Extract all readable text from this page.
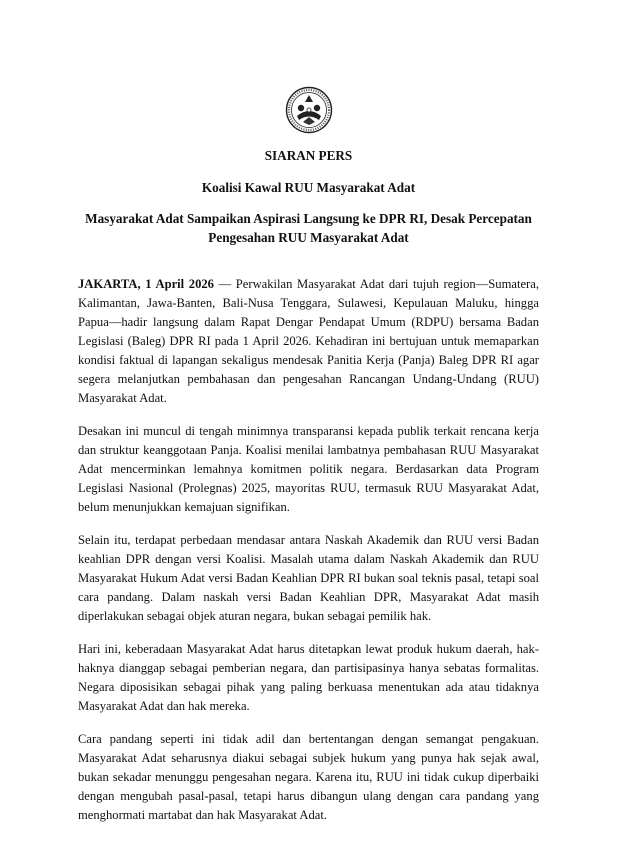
SIARAN PERS

Koalisi Kawal RUU Masyarakat Adat

Masyarakat Adat Sampaikan Aspirasi Langsung ke DPR RI, Desak Percepatan Pengesahan RUU Masyarakat Adat

JAKARTA, 1 April 2026 — Perwakilan Masyarakat Adat dari tujuh region—Sumatera, Kalimantan, Jawa-Banten, Bali-Nusa Tenggara, Sulawesi, Kepulauan Maluku, hingga Papua—hadir langsung dalam Rapat Dengar Pendapat Umum (RDPU) bersama Badan Legislasi (Baleg) DPR RI pada 1 April 2026. Kehadiran ini bertujuan untuk memaparkan kondisi faktual di lapangan sekaligus mendesak Panitia Kerja (Panja) Baleg DPR RI agar segera melanjutkan pembahasan dan pengesahan Rancangan Undang-Undang (RUU) Masyarakat Adat.

Desakan ini muncul di tengah minimnya transparansi kepada publik terkait rencana kerja dan struktur keanggotaan Panja. Koalisi menilai lambatnya pembahasan RUU Masyarakat Adat mencerminkan lemahnya komitmen politik negara. Berdasarkan data Program Legislasi Nasional (Prolegnas) 2025, mayoritas RUU, termasuk RUU Masyarakat Adat, belum menunjukkan kemajuan signifikan.

Selain itu, terdapat perbedaan mendasar antara Naskah Akademik dan RUU versi Badan keahlian DPR dengan versi Koalisi. Masalah utama dalam Naskah Akademik dan RUU Masyarakat Hukum Adat versi Badan Keahlian DPR RI bukan soal teknis pasal, tetapi soal cara pandang. Dalam naskah versi Badan Keahlian DPR, Masyarakat Adat masih diperlakukan sebagai objek aturan negara, bukan sebagai pemilik hak.

Hari ini, keberadaan Masyarakat Adat harus ditetapkan lewat produk hukum daerah, hak-haknya dianggap sebagai pemberian negara, dan partisipasinya hanya sebatas formalitas. Negara diposisikan sebagai pihak yang paling berkuasa menentukan ada atau tidaknya Masyarakat Adat dan hak mereka.

Cara pandang seperti ini tidak adil dan bertentangan dengan semangat pengakuan. Masyarakat Adat seharusnya diakui sebagai subjek hukum yang punya hak sejak awal, bukan sekadar menunggu pengesahan negara. Karena itu, RUU ini tidak cukup diperbaiki dengan mengubah pasal-pasal, tetapi harus dibangun ulang dengan cara pandang yang menghormati martabat dan hak Masyarakat Adat.
